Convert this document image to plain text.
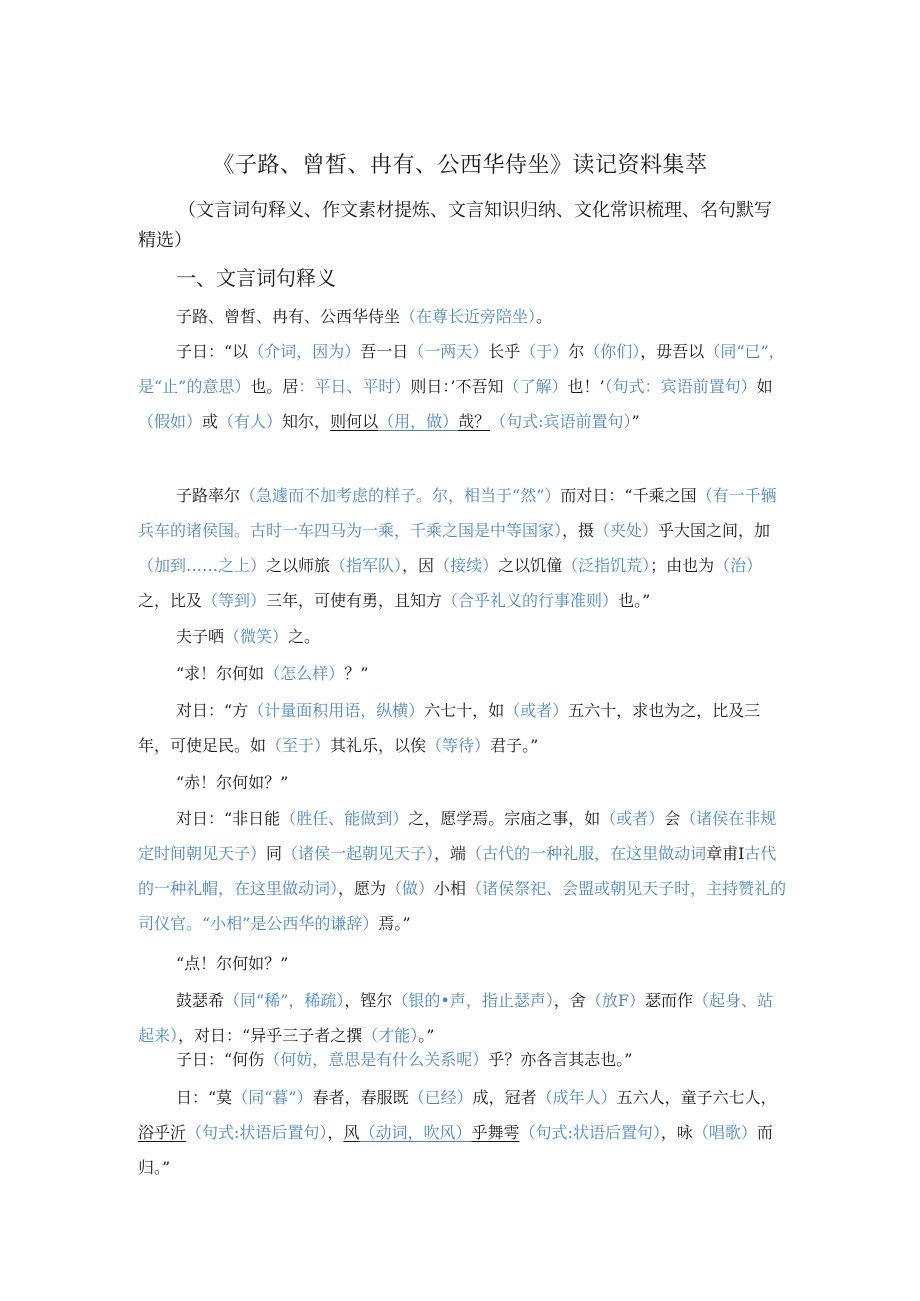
《子路、曾皙、冉有、公西华侍坐》读记资料集萃
（文言词句释义、作文素材提炼、文言知识归纳、文化常识梳理、名句默写精选）
一、文言词句释义
子路、曾皙、冉有、公西华侍坐（在尊长近旁陪坐）。
子日：“以（介词，因为）吾一日（一两天）长乎（于）尔（你们），毋吾以（同“已”，是“止”的意思）也。居：平日、平时）则日：’不吾知（了解）也！’（句式：宾语前置句）如（假如）或（有人）知尔，则何以（用，做）哉？（句式:宾语前置句）”
子路率尔（急遽而不加考虑的样子。尔，相当于“然”）而对日：“千乘之国（有一千辆兵车的诸侯国。古时一车四马为一乘，千乘之国是中等国家），摄（夹处）乎大国之间，加（加到……之上）之以师旅（指军队），因（接续）之以饥僮（泛指饥荒）；由也为（治）之，比及（等到）三年，可使有勇，且知方（合乎礼义的行事准则）也。”
夫子哂（微笑）之。
“求！尔何如（怎么样）？”
对日：“方（计量面积用语，纵横）六七十，如（或者）五六十，求也为之，比及三年，可使足民。如（至于）其礼乐，以俟（等待）君子。”
“赤！尔何如？”
对日：“非日能（胜任、能做到）之，愿学焉。宗庙之事，如（或者）会（诸侯在非规定时间朝见天子）同（诸侯一起朝见天子），端（古代的一种礼服，在这里做动词章甫I古代的一种礼帽，在这里做动词），愿为（做）小相（诸侯祭祀、会盟或朝见天子时，主持赞礼的司仪官。“小相”是公西华的谦辞）焉。”
“点！尔何如？”
鼓瑟希（同“稀”，稀疏），铿尔（银的•声，指止瑟声），舍（放F）瑟而作（起身、站起来），对日：“异乎三子者之撰（才能）。”
子日：“何伤（何妨，意思是有什么关系呢）乎？亦各言其志也。”
日：“莫（同“暮”）春者，春服既（已经）成，冠者（成年人）五六人，童子六七人，浴乎沂（句式:状语后置句），风（动词，吹风）乎舞雩（句式:状语后置句），咏（唱歌）而归。”
